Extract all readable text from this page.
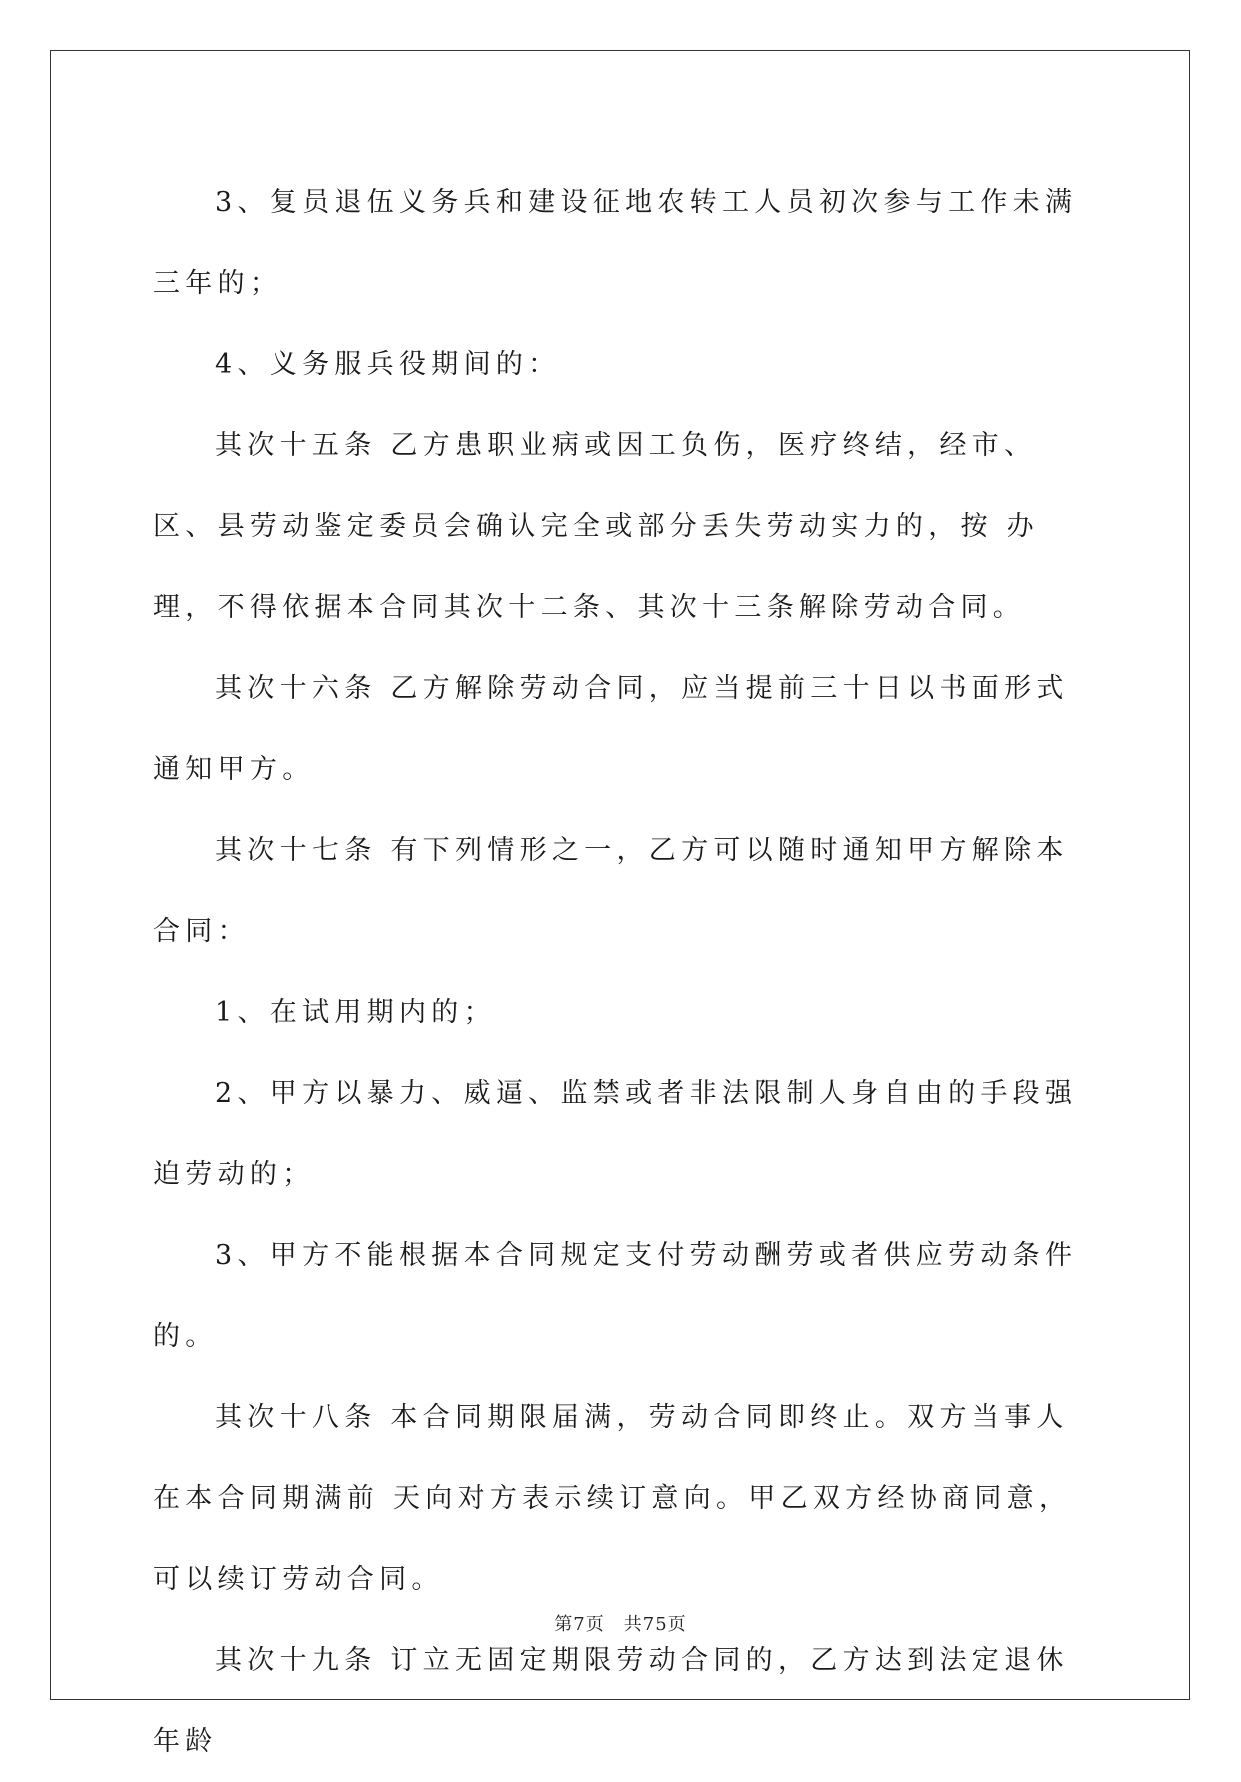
3、复员退伍义务兵和建设征地农转工人员初次参与工作未满三年的；

4、义务服兵役期间的：

其次十五条 乙方患职业病或因工负伤，医疗终结，经市、区、县劳动鉴定委员会确认完全或部分丢失劳动实力的，按 办理，不得依据本合同其次十二条、其次十三条解除劳动合同。

其次十六条 乙方解除劳动合同，应当提前三十日以书面形式通知甲方。

其次十七条 有下列情形之一，乙方可以随时通知甲方解除本合同：

1、在试用期内的；

2、甲方以暴力、威逼、监禁或者非法限制人身自由的手段强迫劳动的；

3、甲方不能根据本合同规定支付劳动酬劳或者供应劳动条件的。

其次十八条 本合同期限届满，劳动合同即终止。双方当事人在本合同期满前 天向对方表示续订意向。甲乙双方经协商同意，可以续订劳动合同。

其次十九条 订立无固定期限劳动合同的，乙方达到法定退休年龄

第7页　共75页
